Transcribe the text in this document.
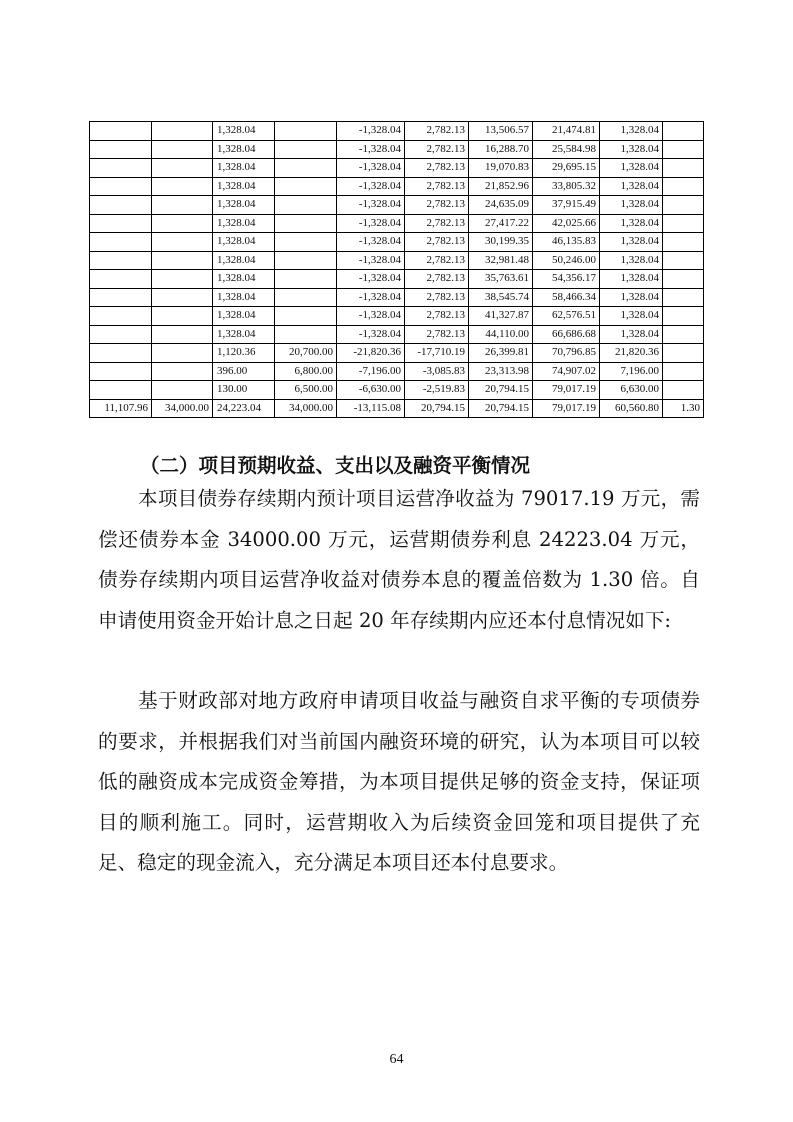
		1,328.04		-1,328.04	2,782.13	13,506.57	21,474.81	1,328.04	
		1,328.04		-1,328.04	2,782.13	16,288.70	25,584.98	1,328.04	
		1,328.04		-1,328.04	2,782.13	19,070.83	29,695.15	1,328.04	
		1,328.04		-1,328.04	2,782.13	21,852.96	33,805.32	1,328.04	
		1,328.04		-1,328.04	2,782.13	24,635.09	37,915.49	1,328.04	
		1,328.04		-1,328.04	2,782.13	27,417.22	42,025.66	1,328.04	
		1,328.04		-1,328.04	2,782.13	30,199.35	46,135.83	1,328.04	
		1,328.04		-1,328.04	2,782.13	32,981.48	50,246.00	1,328.04	
		1,328.04		-1,328.04	2,782.13	35,763.61	54,356.17	1,328.04	
		1,328.04		-1,328.04	2,782.13	38,545.74	58,466.34	1,328.04	
		1,328.04		-1,328.04	2,782.13	41,327.87	62,576.51	1,328.04	
		1,328.04		-1,328.04	2,782.13	44,110.00	66,686.68	1,328.04	
		1,120.36	20,700.00	-21,820.36	-17,710.19	26,399.81	70,796.85	21,820.36	
		396.00	6,800.00	-7,196.00	-3,085.83	23,313.98	74,907.02	7,196.00	
		130.00	6,500.00	-6,630.00	-2,519.83	20,794.15	79,017.19	6,630.00	
11,107.96	34,000.00	24,223.04	34,000.00	-13,115.08	20,794.15	20,794.15	79,017.19	60,560.80	1.30
（二）项目预期收益、支出以及融资平衡情况

本项目债券存续期内预计项目运营净收益为 79017.19 万元，需偿还债券本金 34000.00 万元，运营期债券利息 24223.04 万元，债券存续期内项目运营净收益对债券本息的覆盖倍数为 1.30 倍。自申请使用资金开始计息之日起 20 年存续期内应还本付息情况如下:

基于财政部对地方政府申请项目收益与融资自求平衡的专项债券的要求，并根据我们对当前国内融资环境的研究，认为本项目可以较低的融资成本完成资金筹措，为本项目提供足够的资金支持，保证项目的顺利施工。同时，运营期收入为后续资金回笼和项目提供了充足、稳定的现金流入，充分满足本项目还本付息要求。

64
